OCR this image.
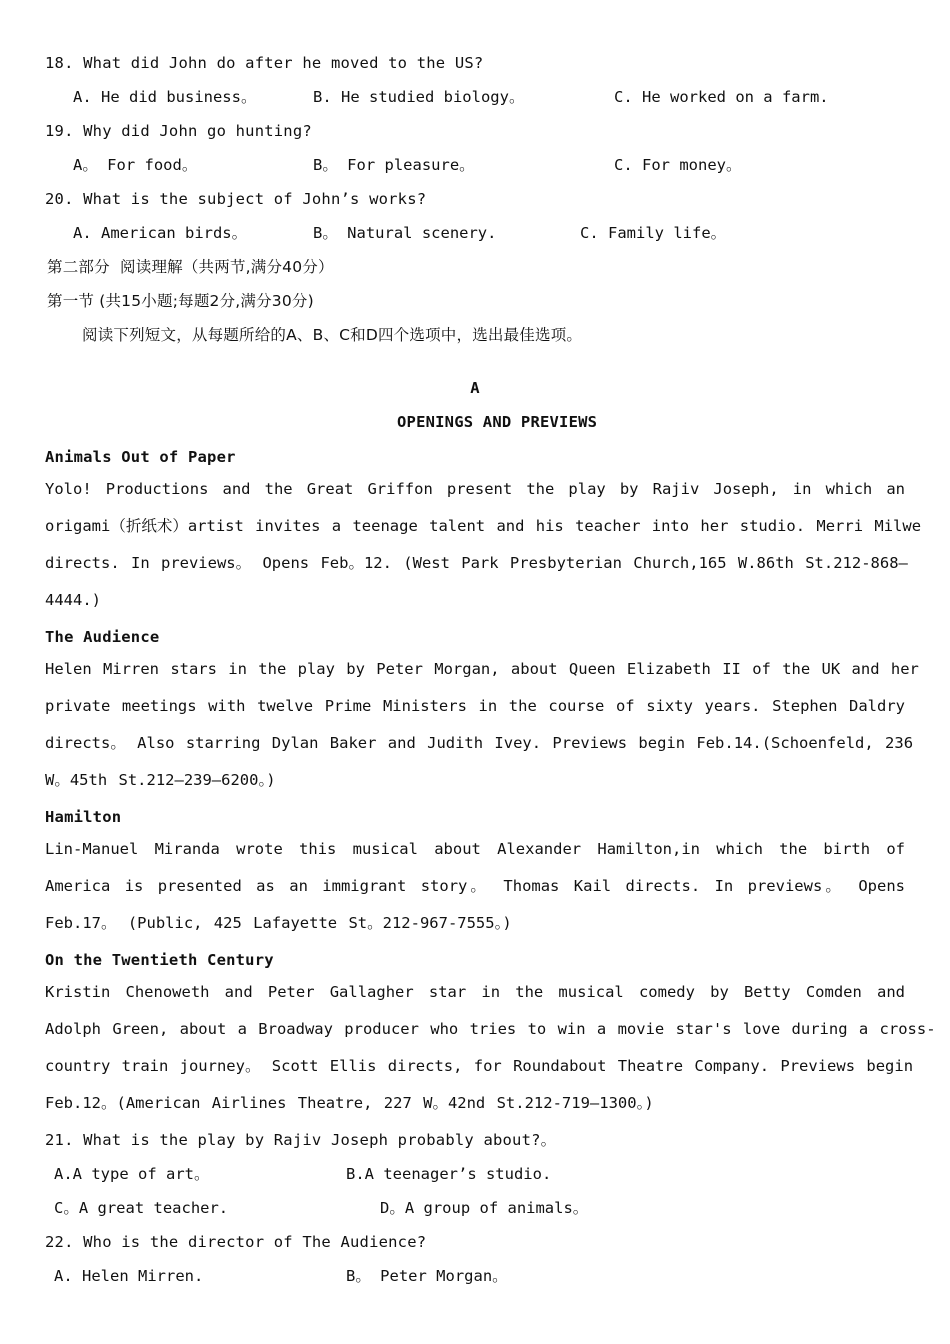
18. What did John do after he moved to the US?
A. He did business。	B. He studied biology。	C. He worked on a farm.
19. Why did John go hunting?
A。 For food。	B。 For pleasure。	C. For money。
20. What is the subject of John’s works?
A. American birds。	B。 Natural scenery.	C. Family life。
第二部分  阅读理解（共两节,满分40分）
第一节 (共15小题;每题2分,满分30分)
阅读下列短文，从每题所给的A、B、C和D四个选项中，选出最佳选项。
A
OPENINGS AND PREVIEWS
Animals Out of Paper
Yolo! Productions and the Great Griffon present the play by Rajiv Joseph, in which an
origami（折纸术）artist invites a teenage talent and his teacher into her studio. Merri Milwe
directs. In previews。 Opens Feb。12. (West Park Presbyterian Church,165 W.86th St.212-868—
4444.)
The Audience
Helen Mirren stars in the play by Peter Morgan, about Queen Elizabeth II of the UK and her
private meetings with twelve Prime Ministers in the course of sixty years. Stephen Daldry
directs。 Also starring Dylan Baker and Judith Ivey. Previews begin Feb.14.(Schoenfeld, 236
W。45th St.212—239—6200。)
Hamilton
Lin-Manuel Miranda wrote this musical about Alexander Hamilton,in which the birth of
America is presented as an immigrant story。 Thomas Kail directs. In previews。 Opens
Feb.17。 (Public, 425 Lafayette St。212-967-7555。)
On the Twentieth Century
Kristin Chenoweth and Peter Gallagher star in the musical comedy by Betty Comden and
Adolph Green, about a Broadway producer who tries to win a movie star's love during a cross-
country train journey。 Scott Ellis directs, for Roundabout Theatre Company. Previews begin
Feb.12。(American Airlines Theatre, 227 W。42nd St.212-719—1300。)
21. What is the play by Rajiv Joseph probably about?。
A.A type of art。	B.A teenager’s studio.
C。A great teacher.	D。A group of animals。
22. Who is the director of The Audience?
A. Helen Mirren.	B。 Peter Morgan。
